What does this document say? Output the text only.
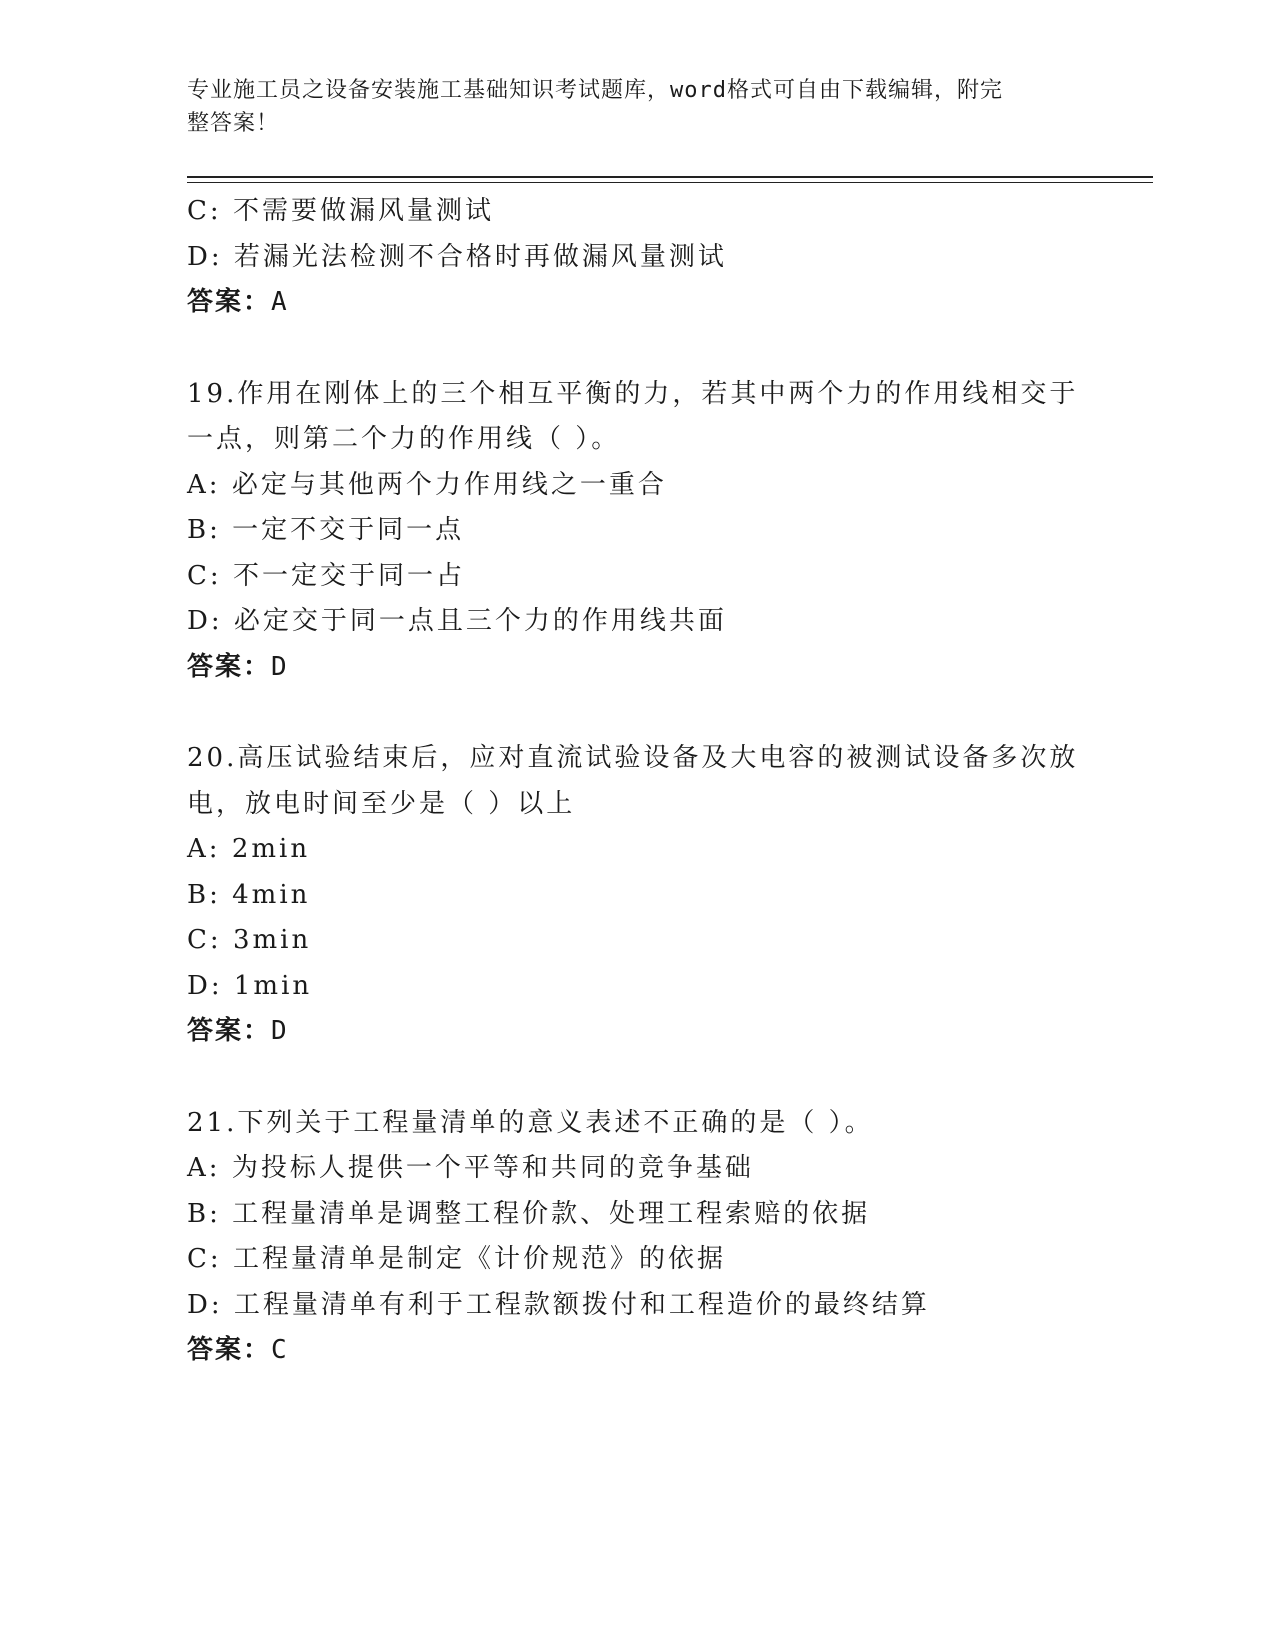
专业施工员之设备安装施工基础知识考试题库，word格式可自由下载编辑，附完
整答案！
C: 不需要做漏风量测试
D: 若漏光法检测不合格时再做漏风量测试
答案：A
19.作用在刚体上的三个相互平衡的力，若其中两个力的作用线相交于
一点，则第二个力的作用线（ ）。
A: 必定与其他两个力作用线之一重合
B: 一定不交于同一点
C: 不一定交于同一占
D: 必定交于同一点且三个力的作用线共面
答案：D
20.高压试验结束后，应对直流试验设备及大电容的被测试设备多次放
电，放电时间至少是（ ）以上
A: 2min
B: 4min
C: 3min
D: 1min
答案：D
21.下列关于工程量清单的意义表述不正确的是（ ）。
A: 为投标人提供一个平等和共同的竞争基础
B: 工程量清单是调整工程价款、处理工程索赔的依据
C: 工程量清单是制定《计价规范》的依据
D: 工程量清单有利于工程款额拨付和工程造价的最终结算
答案：C
